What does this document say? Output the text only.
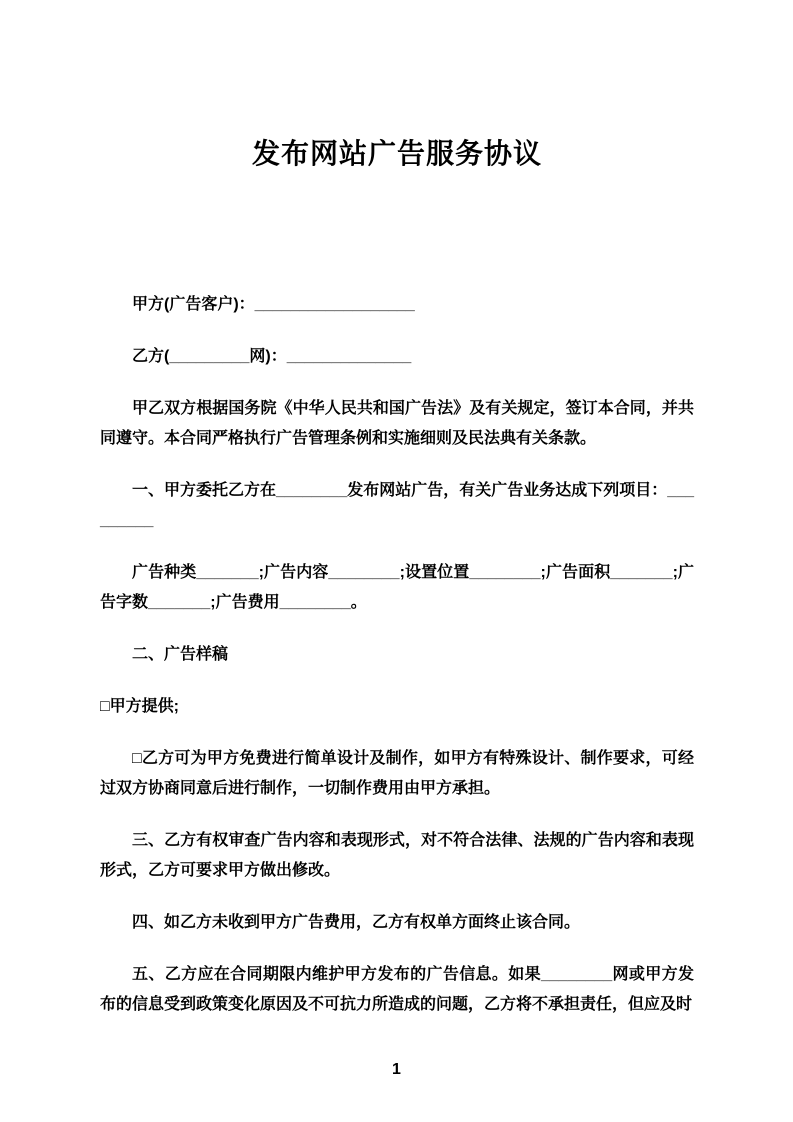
发布网站广告服务协议

甲方(广告客户)：__________________

乙方(_________网)：______________

甲乙双方根据国务院《中华人民共和国广告法》及有关规定，签订本合同，并共同遵守。本合同严格执行广告管理条例和实施细则及民法典有关条款。

一、甲方委托乙方在________发布网站广告，有关广告业务达成下列项目：_________

广告种类_______;广告内容________;设置位置________;广告面积_______;广告字数_______;广告费用________。

二、广告样稿

□甲方提供;

□乙方可为甲方免费进行简单设计及制作，如甲方有特殊设计、制作要求，可经过双方协商同意后进行制作，一切制作费用由甲方承担。

三、乙方有权审查广告内容和表现形式，对不符合法律、法规的广告内容和表现形式，乙方可要求甲方做出修改。

四、如乙方未收到甲方广告费用，乙方有权单方面终止该合同。

五、乙方应在合同期限内维护甲方发布的广告信息。如果________网或甲方发布的信息受到政策变化原因及不可抗力所造成的问题，乙方将不承担责任，但应及时

1
